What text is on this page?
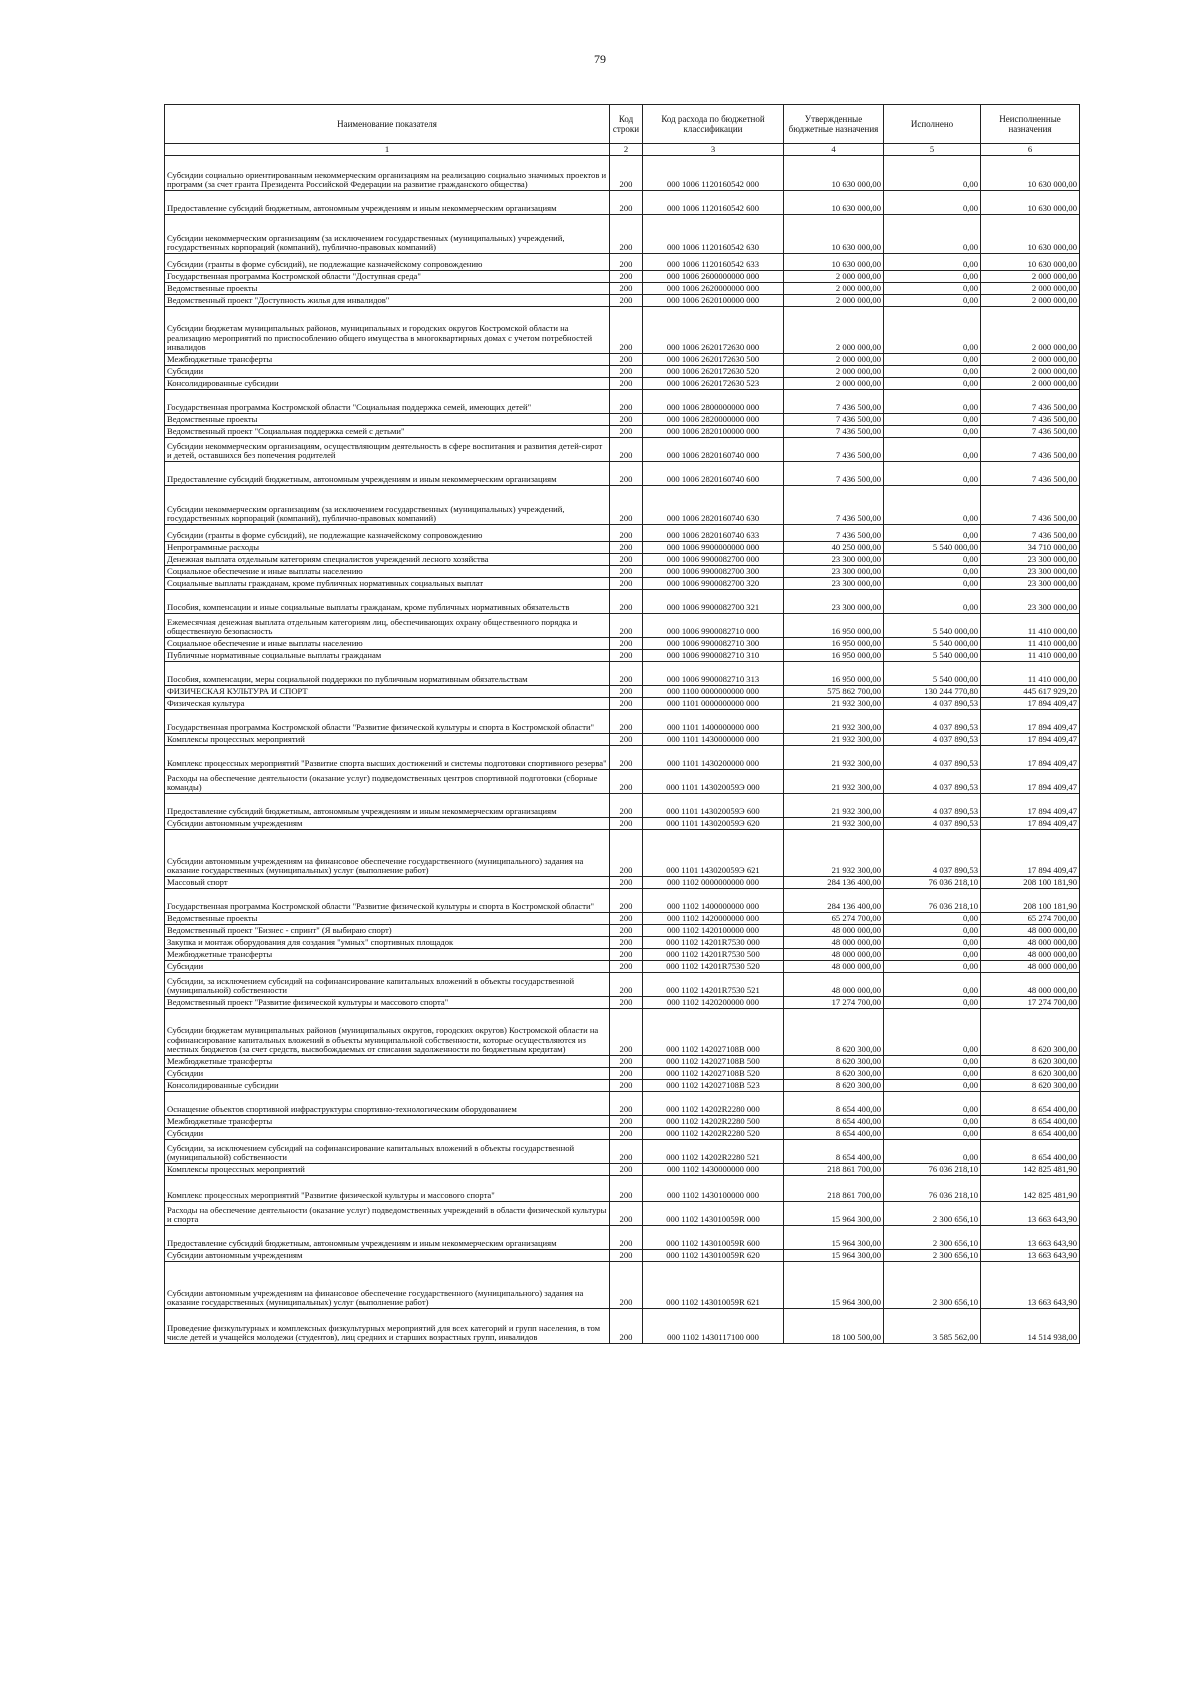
79
Наименование показателя	Код строки	Код расхода по бюджетной классификации	Утвержденные бюджетные назначения	Исполнено	Неисполненные назначения
1	2	3	4	5	6
Субсидии социально ориентированным некоммерческим организациям на реализацию социально значимых проектов и программ (за счет гранта Президента Российской Федерации на развитие гражданского общества)	200	000 1006 1120160542 000	10 630 000,00	0,00	10 630 000,00
Предоставление субсидий бюджетным, автономным учреждениям и иным некоммерческим организациям	200	000 1006 1120160542 600	10 630 000,00	0,00	10 630 000,00
Субсидии некоммерческим организациям (за исключением государственных (муниципальных) учреждений, государственных корпораций (компаний), публично-правовых компаний)	200	000 1006 1120160542 630	10 630 000,00	0,00	10 630 000,00
Субсидии (гранты в форме субсидий), не подлежащие казначейскому сопровождению	200	000 1006 1120160542 633	10 630 000,00	0,00	10 630 000,00
Государственная программа Костромской области "Доступная среда"	200	000 1006 2600000000 000	2 000 000,00	0,00	2 000 000,00
Ведомственные проекты	200	000 1006 2620000000 000	2 000 000,00	0,00	2 000 000,00
Ведомственный проект "Доступность жилья для инвалидов"	200	000 1006 2620100000 000	2 000 000,00	0,00	2 000 000,00
Субсидии бюджетам муниципальных районов, муниципальных и городских округов Костромской области на реализацию мероприятий по приспособлению общего имущества в многоквартирных домах с учетом потребностей инвалидов	200	000 1006 2620172630 000	2 000 000,00	0,00	2 000 000,00
Межбюджетные трансферты	200	000 1006 2620172630 500	2 000 000,00	0,00	2 000 000,00
Субсидии	200	000 1006 2620172630 520	2 000 000,00	0,00	2 000 000,00
Консолидированные субсидии	200	000 1006 2620172630 523	2 000 000,00	0,00	2 000 000,00
Государственная программа Костромской области "Социальная поддержка семей, имеющих детей"	200	000 1006 2800000000 000	7 436 500,00	0,00	7 436 500,00
Ведомственные проекты	200	000 1006 2820000000 000	7 436 500,00	0,00	7 436 500,00
Ведомственный проект "Социальная поддержка семей с детьми"	200	000 1006 2820100000 000	7 436 500,00	0,00	7 436 500,00
Субсидии некоммерческим организациям, осуществляющим деятельность в сфере воспитания и развития детей-сирот и детей, оставшихся без попечения родителей	200	000 1006 2820160740 000	7 436 500,00	0,00	7 436 500,00
Предоставление субсидий бюджетным, автономным учреждениям и иным некоммерческим организациям	200	000 1006 2820160740 600	7 436 500,00	0,00	7 436 500,00
Субсидии некоммерческим организациям (за исключением государственных (муниципальных) учреждений, государственных корпораций (компаний), публично-правовых компаний)	200	000 1006 2820160740 630	7 436 500,00	0,00	7 436 500,00
Субсидии (гранты в форме субсидий), не подлежащие казначейскому сопровождению	200	000 1006 2820160740 633	7 436 500,00	0,00	7 436 500,00
Непрограммные расходы	200	000 1006 9900000000 000	40 250 000,00	5 540 000,00	34 710 000,00
Денежная выплата отдельным категориям специалистов учреждений лесного хозяйства	200	000 1006 9900082700 000	23 300 000,00	0,00	23 300 000,00
Социальное обеспечение и иные выплаты населению	200	000 1006 9900082700 300	23 300 000,00	0,00	23 300 000,00
Социальные выплаты гражданам, кроме публичных нормативных социальных выплат	200	000 1006 9900082700 320	23 300 000,00	0,00	23 300 000,00
Пособия, компенсации и иные социальные выплаты гражданам, кроме публичных нормативных обязательств	200	000 1006 9900082700 321	23 300 000,00	0,00	23 300 000,00
Ежемесячная денежная выплата отдельным категориям лиц, обеспечивающих охрану общественного порядка и общественную безопасность	200	000 1006 9900082710 000	16 950 000,00	5 540 000,00	11 410 000,00
Социальное обеспечение и иные выплаты населению	200	000 1006 9900082710 300	16 950 000,00	5 540 000,00	11 410 000,00
Публичные нормативные социальные выплаты гражданам	200	000 1006 9900082710 310	16 950 000,00	5 540 000,00	11 410 000,00
Пособия, компенсации, меры социальной поддержки по публичным нормативным обязательствам	200	000 1006 9900082710 313	16 950 000,00	5 540 000,00	11 410 000,00
ФИЗИЧЕСКАЯ КУЛЬТУРА И СПОРТ	200	000 1100 0000000000 000	575 862 700,00	130 244 770,80	445 617 929,20
Физическая культура	200	000 1101 0000000000 000	21 932 300,00	4 037 890,53	17 894 409,47
Государственная программа Костромской области "Развитие физической культуры и спорта в Костромской области"	200	000 1101 1400000000 000	21 932 300,00	4 037 890,53	17 894 409,47
Комплексы процессных мероприятий	200	000 1101 1430000000 000	21 932 300,00	4 037 890,53	17 894 409,47
Комплекс процессных мероприятий "Развитие спорта высших достижений и системы подготовки спортивного резерва"	200	000 1101 1430200000 000	21 932 300,00	4 037 890,53	17 894 409,47
Расходы на обеспечение деятельности (оказание услуг) подведомственных центров спортивной подготовки (сборные команды)	200	000 1101 143020059Э 000	21 932 300,00	4 037 890,53	17 894 409,47
Предоставление субсидий бюджетным, автономным учреждениям и иным некоммерческим организациям	200	000 1101 143020059Э 600	21 932 300,00	4 037 890,53	17 894 409,47
Субсидии автономным учреждениям	200	000 1101 143020059Э 620	21 932 300,00	4 037 890,53	17 894 409,47
Субсидии автономным учреждениям на финансовое обеспечение государственного (муниципального) задания на оказание государственных (муниципальных) услуг (выполнение работ)	200	000 1101 143020059Э 621	21 932 300,00	4 037 890,53	17 894 409,47
Массовый спорт	200	000 1102 0000000000 000	284 136 400,00	76 036 218,10	208 100 181,90
Государственная программа Костромской области "Развитие физической культуры и спорта в Костромской области"	200	000 1102 1400000000 000	284 136 400,00	76 036 218,10	208 100 181,90
Ведомственные проекты	200	000 1102 1420000000 000	65 274 700,00	0,00	65 274 700,00
Ведомственный проект "Бизнес - спринт" (Я выбираю спорт)	200	000 1102 1420100000 000	48 000 000,00	0,00	48 000 000,00
Закупка и монтаж оборудования для создания "умных" спортивных площадок	200	000 1102 14201R7530 000	48 000 000,00	0,00	48 000 000,00
Межбюджетные трансферты	200	000 1102 14201R7530 500	48 000 000,00	0,00	48 000 000,00
Субсидии	200	000 1102 14201R7530 520	48 000 000,00	0,00	48 000 000,00
Субсидии, за исключением субсидий на софинансирование капитальных вложений в объекты государственной (муниципальной) собственности	200	000 1102 14201R7530 521	48 000 000,00	0,00	48 000 000,00
Ведомственный проект "Развитие физической культуры и массового спорта"	200	000 1102 1420200000 000	17 274 700,00	0,00	17 274 700,00
Субсидии бюджетам муниципальных районов (муниципальных округов, городских округов) Костромской области на софинансирование капитальных вложений в объекты муниципальной собственности, которые осуществляются из местных бюджетов (за счет средств, высвобождаемых от списания задолженности по бюджетным кредитам)	200	000 1102 142027108В 000	8 620 300,00	0,00	8 620 300,00
Межбюджетные трансферты	200	000 1102 142027108В 500	8 620 300,00	0,00	8 620 300,00
Субсидии	200	000 1102 142027108В 520	8 620 300,00	0,00	8 620 300,00
Консолидированные субсидии	200	000 1102 142027108В 523	8 620 300,00	0,00	8 620 300,00
Оснащение объектов спортивной инфраструктуры спортивно-технологическим оборудованием	200	000 1102 14202R2280 000	8 654 400,00	0,00	8 654 400,00
Межбюджетные трансферты	200	000 1102 14202R2280 500	8 654 400,00	0,00	8 654 400,00
Субсидии	200	000 1102 14202R2280 520	8 654 400,00	0,00	8 654 400,00
Субсидии, за исключением субсидий на софинансирование капитальных вложений в объекты государственной (муниципальной) собственности	200	000 1102 14202R2280 521	8 654 400,00	0,00	8 654 400,00
Комплексы процессных мероприятий	200	000 1102 1430000000 000	218 861 700,00	76 036 218,10	142 825 481,90
Комплекс процессных мероприятий "Развитие физической культуры и массового спорта"	200	000 1102 1430100000 000	218 861 700,00	76 036 218,10	142 825 481,90
Расходы на обеспечение деятельности (оказание услуг) подведомственных учреждений в области физической культуры и спорта	200	000 1102 143010059R 000	15 964 300,00	2 300 656,10	13 663 643,90
Предоставление субсидий бюджетным, автономным учреждениям и иным некоммерческим организациям	200	000 1102 143010059R 600	15 964 300,00	2 300 656,10	13 663 643,90
Субсидии автономным учреждениям	200	000 1102 143010059R 620	15 964 300,00	2 300 656,10	13 663 643,90
Субсидии автономным учреждениям на финансовое обеспечение государственного (муниципального) задания на оказание государственных (муниципальных) услуг (выполнение работ)	200	000 1102 143010059R 621	15 964 300,00	2 300 656,10	13 663 643,90
Проведение физкультурных и комплексных физкультурных мероприятий для всех категорий и групп населения, в том числе детей и учащейся молодежи (студентов), лиц средних и старших возрастных групп, инвалидов	200	000 1102 1430117100 000	18 100 500,00	3 585 562,00	14 514 938,00
